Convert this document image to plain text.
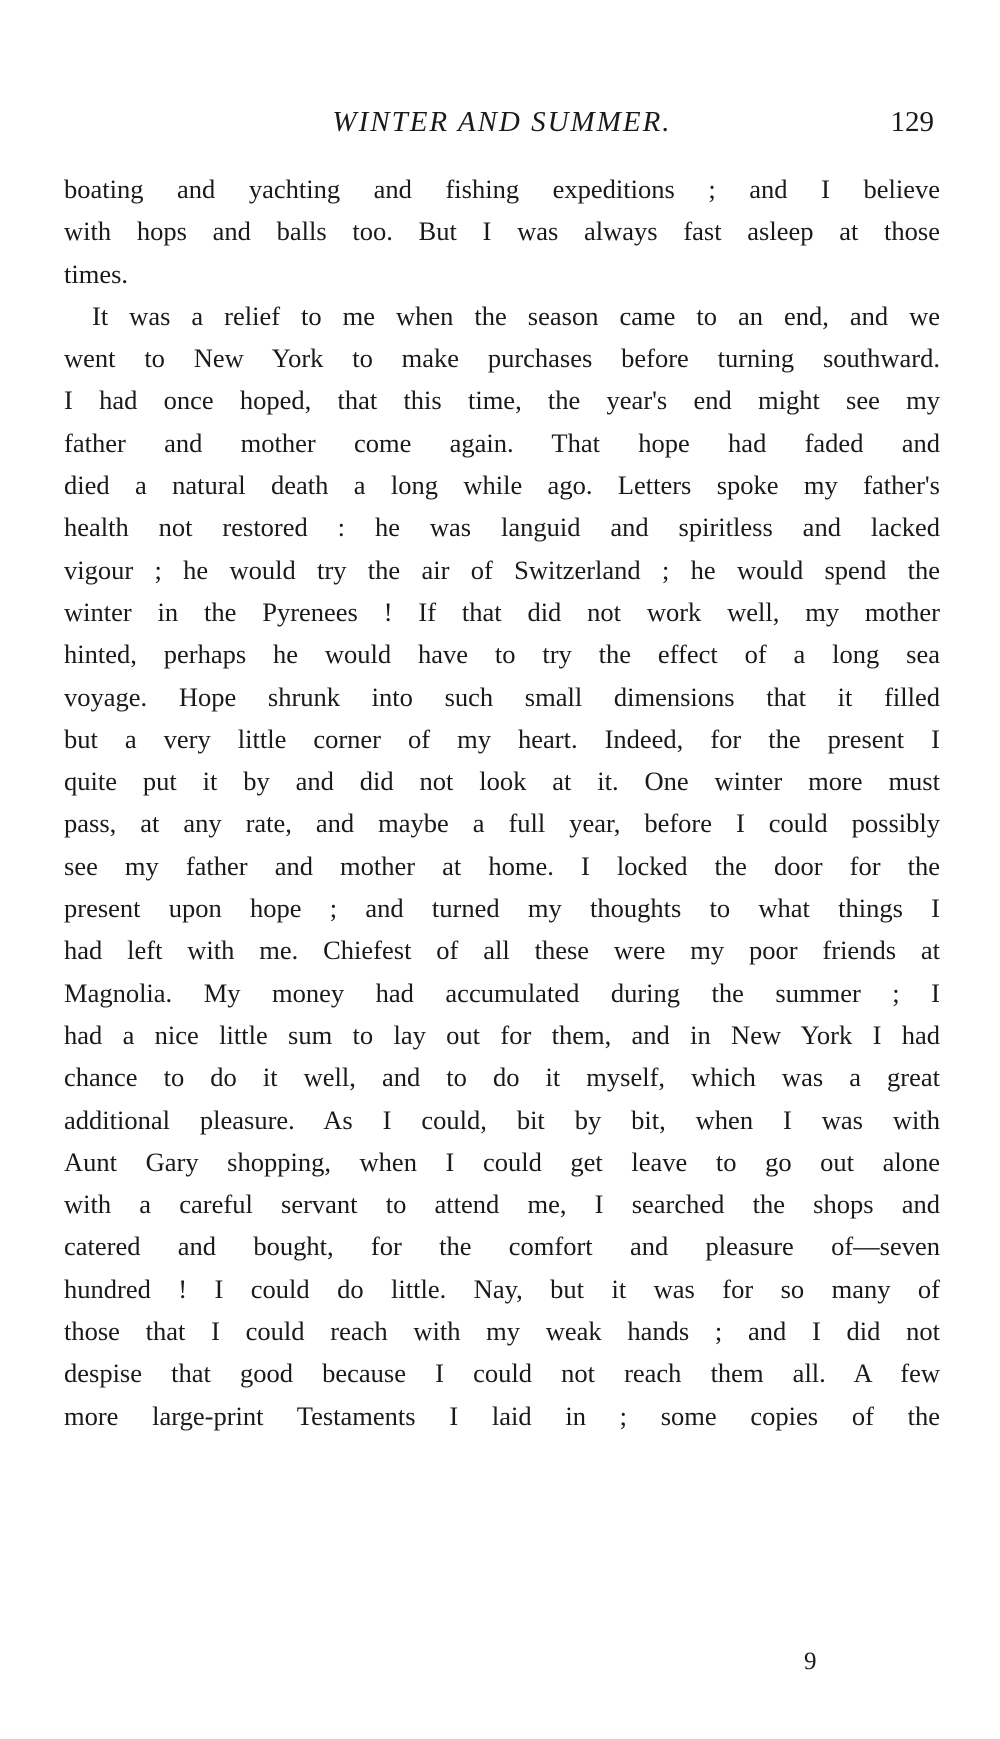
WINTER AND SUMMER.	129
boating and yachting and fishing expeditions ; and I believe
with hops and balls too. But I was always fast asleep at those
times.
It was a relief to me when the season came to an end, and we
went to New York to make purchases before turning southward.
I had once hoped, that this time, the year's end might see my
father and mother come again. That hope had faded and
died a natural death a long while ago. Letters spoke my father's
health not restored : he was languid and spiritless and lacked
vigour ; he would try the air of Switzerland ; he would spend the
winter in the Pyrenees ! If that did not work well, my mother
hinted, perhaps he would have to try the effect of a long sea
voyage. Hope shrunk into such small dimensions that it filled
but a very little corner of my heart. Indeed, for the present I
quite put it by and did not look at it. One winter more must
pass, at any rate, and maybe a full year, before I could possibly
see my father and mother at home. I locked the door for the
present upon hope ; and turned my thoughts to what things I
had left with me. Chiefest of all these were my poor friends at
Magnolia. My money had accumulated during the summer ; I
had a nice little sum to lay out for them, and in New York I had
chance to do it well, and to do it myself, which was a great
additional pleasure. As I could, bit by bit, when I was with
Aunt Gary shopping, when I could get leave to go out alone
with a careful servant to attend me, I searched the shops and
catered and bought, for the comfort and pleasure of—seven
hundred ! I could do little. Nay, but it was for so many of
those that I could reach with my weak hands ; and I did not
despise that good because I could not reach them all. A few
more large-print Testaments I laid in ; some copies of the
9
